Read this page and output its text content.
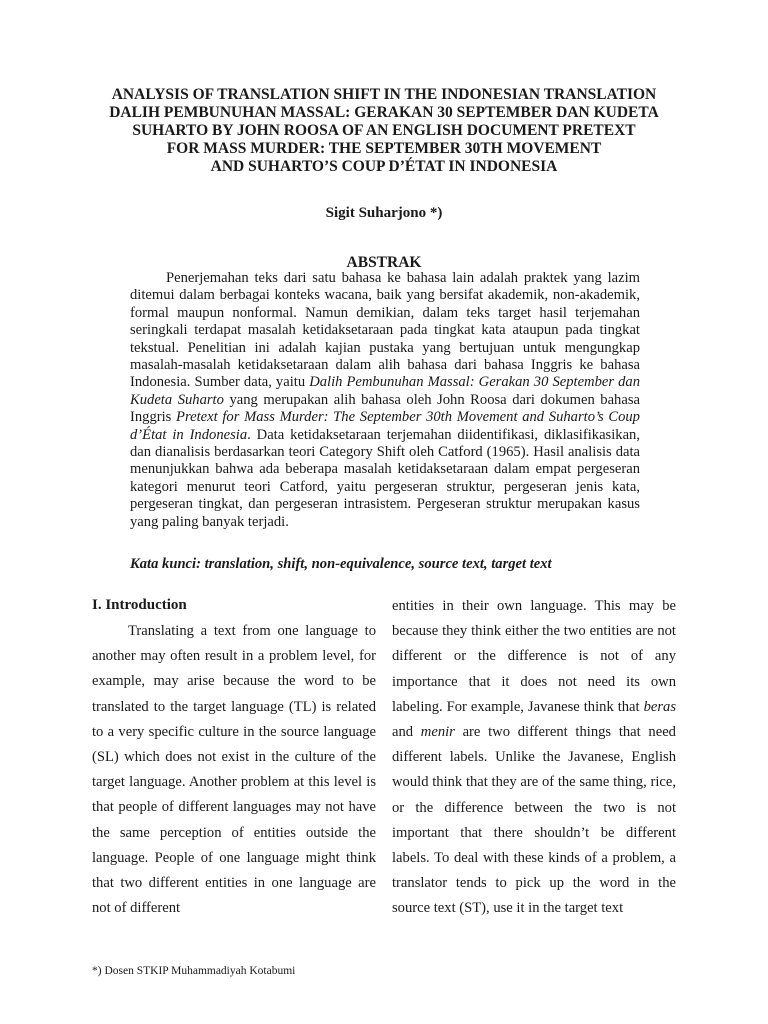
ANALYSIS OF TRANSLATION SHIFT IN THE INDONESIAN TRANSLATION
DALIH PEMBUNUHAN MASSAL: GERAKAN 30 SEPTEMBER DAN KUDETA
SUHARTO BY JOHN ROOSA OF AN ENGLISH DOCUMENT PRETEXT
FOR MASS MURDER: THE SEPTEMBER 30TH MOVEMENT
AND SUHARTO’S COUP D’ÉTAT IN INDONESIA
Sigit Suharjono *)
ABSTRAK

Penerjemahan teks dari satu bahasa ke bahasa lain adalah praktek yang lazim ditemui dalam berbagai konteks wacana, baik yang bersifat akademik, non-akademik, formal maupun nonformal. Namun demikian, dalam teks target hasil terjemahan seringkali terdapat masalah ketidaksetaraan pada tingkat kata ataupun pada tingkat tekstual. Penelitian ini adalah kajian pustaka yang bertujuan untuk mengungkap masalah-masalah ketidaksetaraan dalam alih bahasa dari bahasa Inggris ke bahasa Indonesia. Sumber data, yaitu Dalih Pembunuhan Massal: Gerakan 30 September dan Kudeta Suharto yang merupakan alih bahasa oleh John Roosa dari dokumen bahasa Inggris Pretext for Mass Murder: The September 30th Movement and Suharto’s Coup d’État in Indonesia. Data ketidaksetaraan terjemahan diidentifikasi, diklasifikasikan, dan dianalisis berdasarkan teori Category Shift oleh Catford (1965). Hasil analisis data menunjukkan bahwa ada beberapa masalah ketidaksetaraan dalam empat pergeseran kategori menurut teori Catford, yaitu pergeseran struktur, pergeseran jenis kata, pergeseran tingkat, dan pergeseran intrasistem. Pergeseran struktur merupakan kasus yang paling banyak terjadi.

Kata kunci: translation, shift, non-equivalence, source text, target text
I. Introduction

Translating a text from one language to another may often result in a problem level, for example, may arise because the word to be translated to the target language (TL) is related to a very specific culture in the source language (SL) which does not exist in the culture of the target language. Another problem at this level is that people of different languages may not have the same perception of entities outside the language. People of one language might think that two different entities in one language are not of different

entities in their own language. This may be because they think either the two entities are not different or the difference is not of any importance that it does not need its own labeling. For example, Javanese think that beras and menir are two different things that need different labels. Unlike the Javanese, English would think that they are of the same thing, rice, or the difference between the two is not important that there shouldn’t be different labels. To deal with these kinds of a problem, a translator tends to pick up the word in the source text (ST), use it in the target text

*) Dosen STKIP Muhammadiyah Kotabumi
